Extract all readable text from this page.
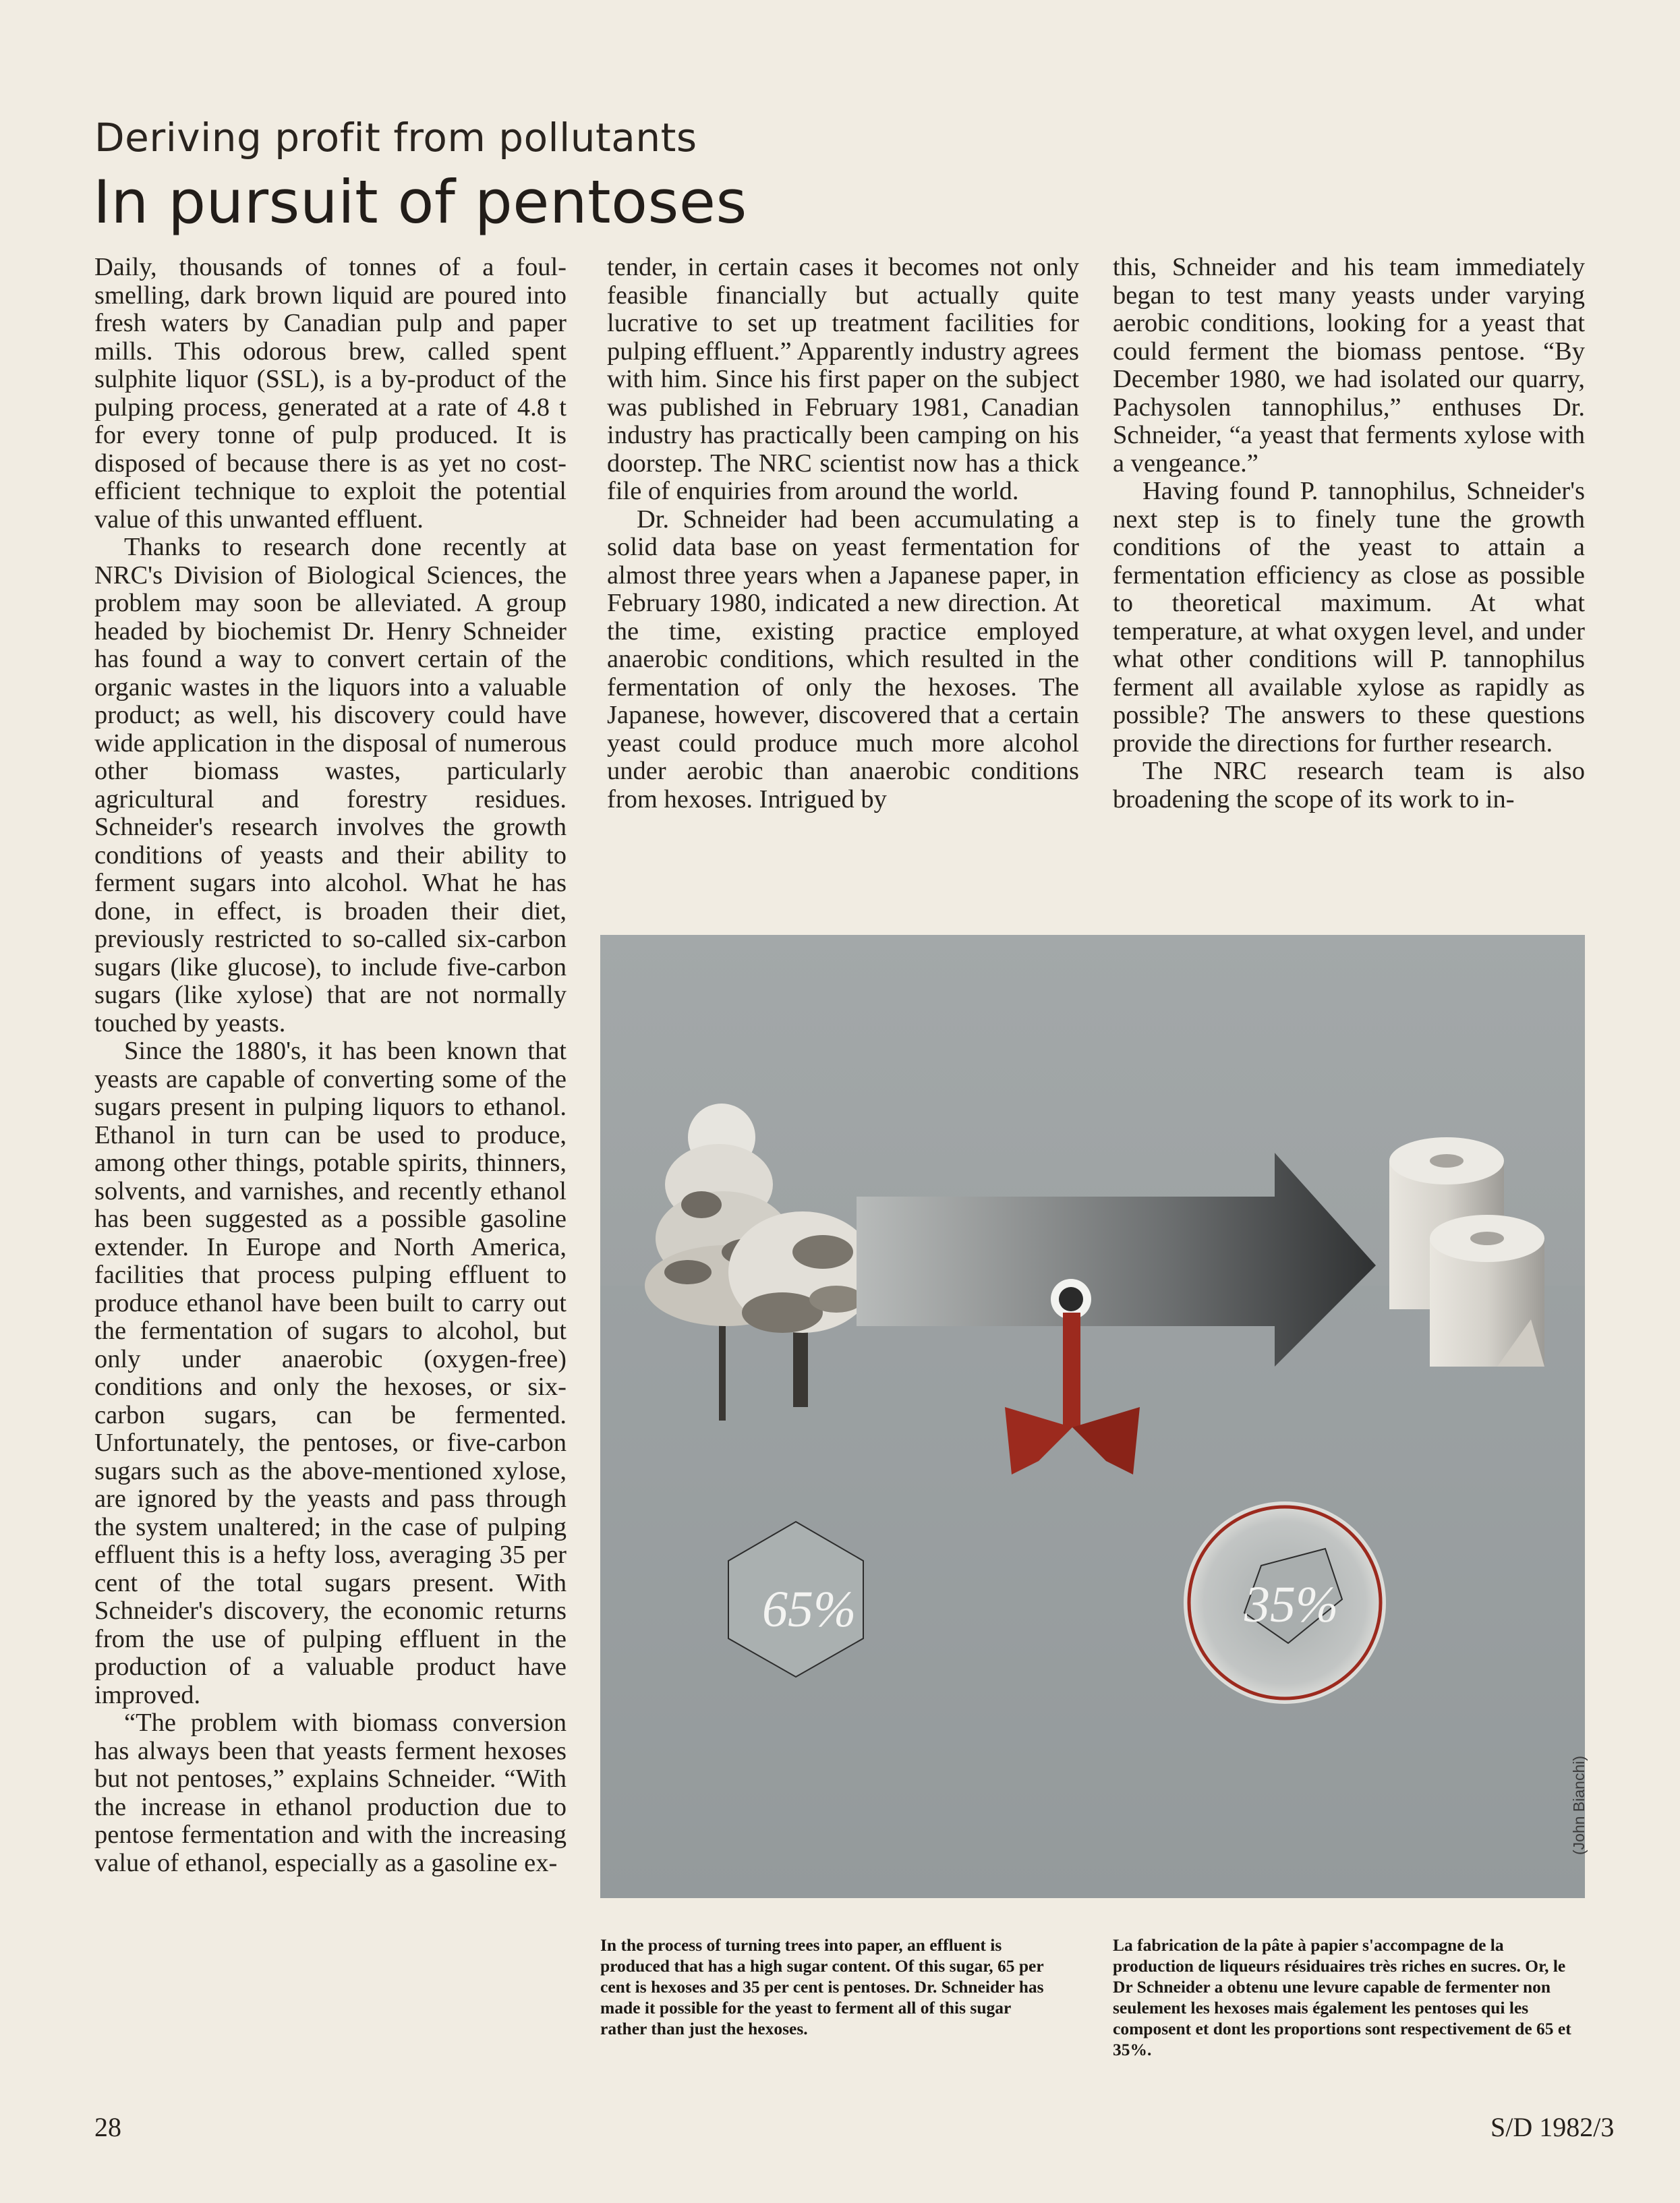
Deriving profit from pollutants
In pursuit of pentoses

Daily, thousands of tonnes of a foul-smelling, dark brown liquid are poured into fresh waters by Canadian pulp and paper mills. This odorous brew, called spent sulphite liquor (SSL), is a by-product of the pulping process, generated at a rate of 4.8 t for every tonne of pulp produced. It is disposed of because there is as yet no cost-efficient technique to exploit the potential value of this unwanted effluent.

Thanks to research done recently at NRC's Division of Biological Sciences, the problem may soon be alleviated. A group headed by biochemist Dr. Henry Schneider has found a way to convert certain of the organic wastes in the liquors into a valuable product; as well, his discovery could have wide application in the disposal of numerous other biomass wastes, particularly agricultural and forestry residues. Schneider's research involves the growth conditions of yeasts and their ability to ferment sugars into alcohol. What he has done, in effect, is broaden their diet, previously restricted to so-called six-carbon sugars (like glucose), to include five-carbon sugars (like xylose) that are not normally touched by yeasts.

Since the 1880's, it has been known that yeasts are capable of converting some of the sugars present in pulping liquors to ethanol. Ethanol in turn can be used to produce, among other things, potable spirits, thinners, solvents, and varnishes, and recently ethanol has been suggested as a possible gasoline extender. In Europe and North America, facilities that process pulping effluent to produce ethanol have been built to carry out the fermentation of sugars to alcohol, but only under anaerobic (oxygen-free) conditions and only the hexoses, or six-carbon sugars, can be fermented. Unfortunately, the pentoses, or five-carbon sugars such as the above-mentioned xylose, are ignored by the yeasts and pass through the system unaltered; in the case of pulping effluent this is a hefty loss, averaging 35 per cent of the total sugars present. With Schneider's discovery, the economic returns from the use of pulping effluent in the production of a valuable product have improved.

“The problem with biomass conversion has always been that yeasts ferment hexoses but not pentoses,” explains Schneider. “With the increase in ethanol production due to pentose fermentation and with the increasing value of ethanol, especially as a gasoline ex-

tender, in certain cases it becomes not only feasible financially but actually quite lucrative to set up treatment facilities for pulping effluent.” Apparently industry agrees with him. Since his first paper on the subject was published in February 1981, Canadian industry has practically been camping on his doorstep. The NRC scientist now has a thick file of enquiries from around the world.

Dr. Schneider had been accumulating a solid data base on yeast fermentation for almost three years when a Japanese paper, in February 1980, indicated a new direction. At the time, existing practice employed anaerobic conditions, which resulted in the fermentation of only the hexoses. The Japanese, however, discovered that a certain yeast could produce much more alcohol under aerobic than anaerobic conditions from hexoses. Intrigued by

this, Schneider and his team immediately began to test many yeasts under varying aerobic conditions, looking for a yeast that could ferment the biomass pentose. “By December 1980, we had isolated our quarry, Pachysolen tannophilus,” enthuses Dr. Schneider, “a yeast that ferments xylose with a vengeance.”

Having found P. tannophilus, Schneider's next step is to finely tune the growth conditions of the yeast to attain a fermentation efficiency as close as possible to theoretical maximum. At what temperature, at what oxygen level, and under what other conditions will P. tannophilus ferment all available xylose as rapidly as possible? The answers to these questions provide the directions for further research.

The NRC research team is also broadening the scope of its work to in-

65%	35%
(John Bianchi)
In the process of turning trees into paper, an effluent is produced that has a high sugar content. Of this sugar, 65 per cent is hexoses and 35 per cent is pentoses. Dr. Schneider has made it possible for the yeast to ferment all of this sugar rather than just the hexoses.
La fabrication de la pâte à papier s'accompagne de la production de liqueurs résiduaires très riches en sucres. Or, le Dr Schneider a obtenu une levure capable de fermenter non seulement les hexoses mais également les pentoses qui les composent et dont les proportions sont respectivement de 65 et 35%.
28	S/D 1982/3
